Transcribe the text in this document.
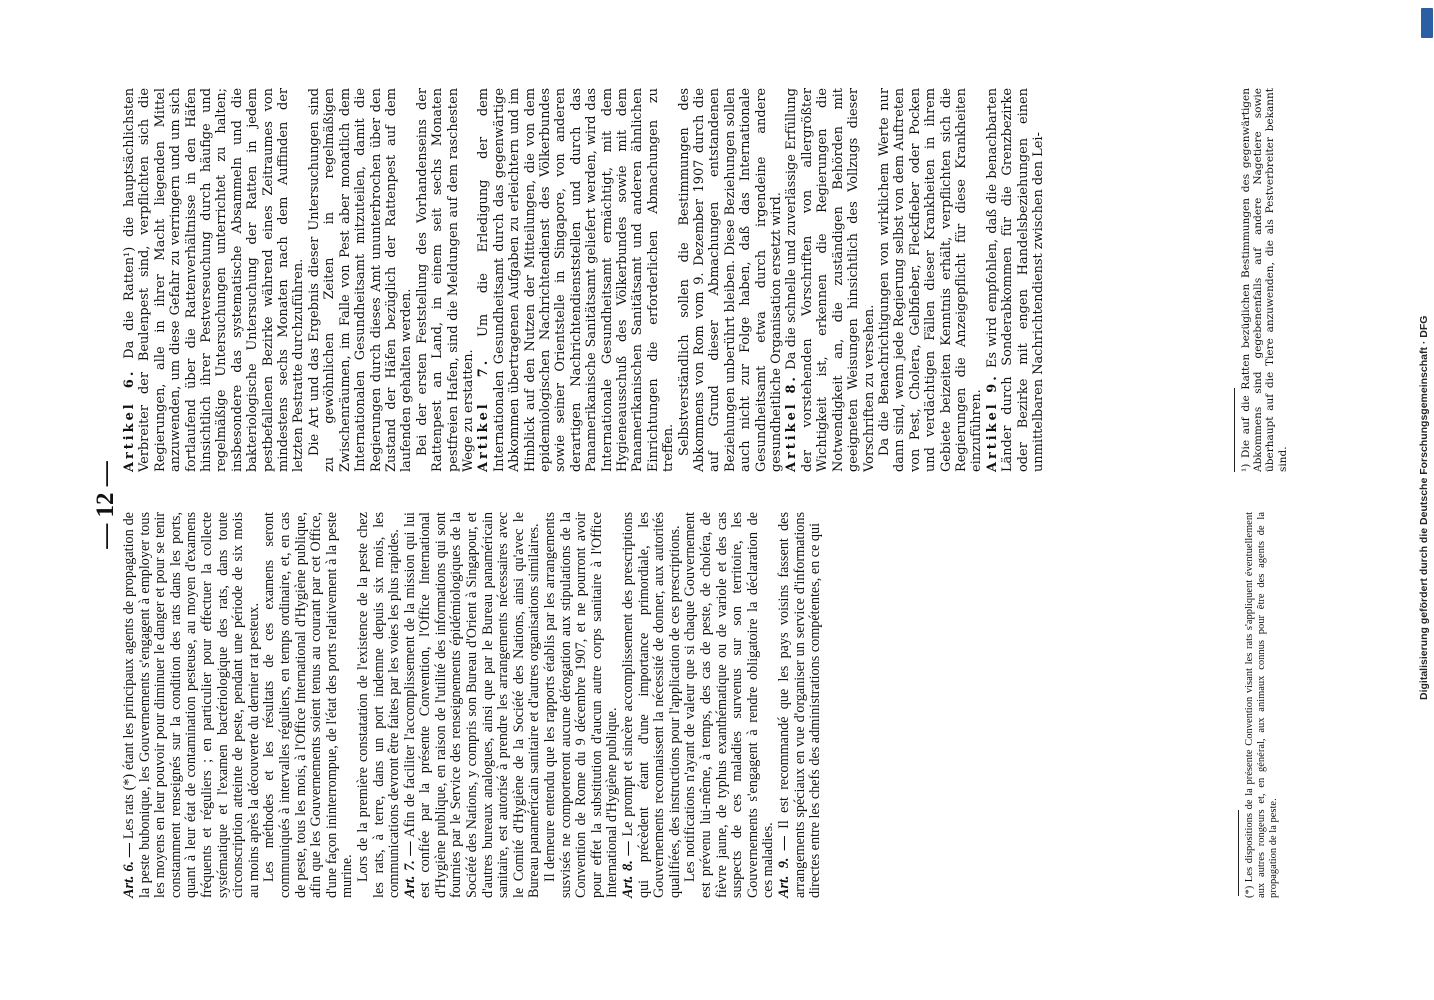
— 12 —

Art. 6. — Les rats (*) étant les principaux agents de propagation de la peste bubonique, les Gouvernements s'engagent à employer tous les moyens en leur pouvoir pour diminuer le danger et pour se tenir constamment renseignés sur la condition des rats dans les ports, quant à leur état de contamination pesteuse, au moyen d'examens fréquents et réguliers ; en particulier pour effectuer la collecte systématique et l'examen bactériologique des rats, dans toute circonscription atteinte de peste, pendant une période de six mois au moins après la découverte du dernier rat pesteux. Les méthodes et les résultats de ces examens seront communiqués à intervalles réguliers, en temps ordinaire, et, en cas de peste, tous les mois, à l'Office International d'Hygiène publique, afin que les Gouvernements soient tenus au courant par cet Office, d'une façon ininterrompue, de l'état des ports relativement à la peste murine. Lors de la première constatation de l'existence de la peste chez les rats, à terre, dans un port indemne depuis six mois, les communications devront être faites par les voies les plus rapides. Art. 7. — Afin de faciliter l'accomplissement de la mission qui lui est confiée par la présente Convention, l'Office International d'Hygiène publique, en raison de l'utilité des informations qui sont fournies par le Service des renseignements épidémiologiques de la Société des Nations, y compris son Bureau d'Orient à Singapour, et d'autres bureaux analogues, ainsi que par le Bureau panaméricain sanitaire, est autorisé à prendre les arrangements nécessaires avec le Comité d'Hygiène de la Société des Nations, ainsi qu'avec le Bureau panaméricain sanitaire et d'autres organisations similaires. Il demeure entendu que les rapports établis par les arrangements susvisés ne comporteront aucune dérogation aux stipulations de la Convention de Rome du 9 décembre 1907, et ne pourront avoir pour effet la substitution d'aucun autre corps sanitaire à l'Office International d'Hygiène publique. Art. 8. — Le prompt et sincère accomplissement des prescriptions qui précèdent étant d'une importance primordiale, les Gouvernements reconnaissent la nécessité de donner, aux autorités qualifiées, des instructions pour l'application de ces prescriptions. Les notifications n'ayant de valeur que si chaque Gouvernement est prévenu lui-même, à temps, des cas de peste, de choléra, de fièvre jaune, de typhus exanthématique ou de variole et des cas suspects de ces maladies survenus sur son territoire, les Gouvernements s'engagent à rendre obligatoire la déclaration de ces maladies. Art. 9. — Il est recommandé que les pays voisins fassent des arrangements spéciaux en vue d'organiser un service d'informations directes entre les chefs des administrations compétentes, en ce qui	(*) Les dispositions de la présente Convention visant les rats s'appliquent éventuellement aux autres rongeurs et, en général, aux animaux connus pour être des agents de la propagation de la peste.

Artikel 6. Da die Ratten¹) die hauptsächlichsten Verbreiter der Beulenpest sind, verpflichten sich die Regierungen, alle in ihrer Macht liegenden Mittel anzuwenden, um diese Gefahr zu verringern und um sich fortlaufend über die Rattenverhältnisse in den Häfen hinsichtlich ihrer Pestverseuchung durch häufige und regelmäßige Untersuchungen unterrichtet zu halten; insbesondere das systematische Absammeln und die bakteriologische Untersuchung der Ratten in jedem pestbefallenen Bezirke während eines Zeitraumes von mindestens sechs Monaten nach dem Auffinden der letzten Pestratte durchzuführen. Die Art und das Ergebnis dieser Untersuchungen sind zu gewöhnlichen Zeiten in regelmäßigen Zwischenräumen, im Falle von Pest aber monatlich dem Internationalen Gesundheitsamt mitzuteilen, damit die Regierungen durch dieses Amt ununterbrochen über den Zustand der Häfen bezüglich der Rattenpest auf dem laufenden gehalten werden. Bei der ersten Feststellung des Vorhandenseins der Rattenpest an Land, in einem seit sechs Monaten pestfreien Hafen, sind die Meldungen auf dem raschesten Wege zu erstatten. Artikel 7. Um die Erledigung der dem Internationalen Gesundheitsamt durch das gegenwärtige Abkommen übertragenen Aufgaben zu erleichtern und im Hinblick auf den Nutzen der Mitteilungen, die von dem epidemiologischen Nachrichtendienst des Völkerbundes sowie seiner Orientstelle in Singapore, von anderen derartigen Nachrichtendienststellen und durch das Panamerikanische Sanitätsamt geliefert werden, wird das Internationale Gesundheitsamt ermächtigt, mit dem Hygieneausschuß des Völkerbundes sowie mit dem Panamerikanischen Sanitätsamt und anderen ähnlichen Einrichtungen die erforderlichen Abmachungen zu treffen. Selbstverständlich sollen die Bestimmungen des Abkommens von Rom vom 9. Dezember 1907 durch die auf Grund dieser Abmachungen entstandenen Beziehungen unberührt bleiben. Diese Beziehungen sollen auch nicht zur Folge haben, daß das Internationale Gesundheitsamt etwa durch irgendeine andere gesundheitliche Organisation ersetzt wird. Artikel 8. Da die schnelle und zuverlässige Erfüllung der vorstehenden Vorschriften von allergrößter Wichtigkeit ist, erkennen die Regierungen die Notwendigkeit an, die zuständigen Behörden mit geeigneten Weisungen hinsichtlich des Vollzugs dieser Vorschriften zu versehen. Da die Benachrichtigungen von wirklichem Werte nur dann sind, wenn jede Regierung selbst von dem Auftreten von Pest, Cholera, Gelbfieber, Fleckfieber oder Pocken und verdächtigen Fällen dieser Krankheiten in ihrem Gebiete beizeiten Kenntnis erhält, verpflichten sich die Regierungen die Anzeigepflicht für diese Krankheiten einzuführen. Artikel 9. Es wird empfohlen, daß die benachbarten Länder durch Sonderabkommen für die Grenzbezirke oder Bezirke mit engen Handelsbeziehungen einen unmittelbaren Nachrichtendienst zwischen den Lei-	¹) Die auf die Ratten bezüglichen Bestimmungen des gegenwärtigen Abkommens sind gegebenenfalls auf andere Nagetiere sowie überhaupt auf die Tiere anzuwenden, die als Pestverbreiter bekannt sind.	Digitalisierung gefördert durch die Deutsche Forschungsgemeinschaft · DFG
